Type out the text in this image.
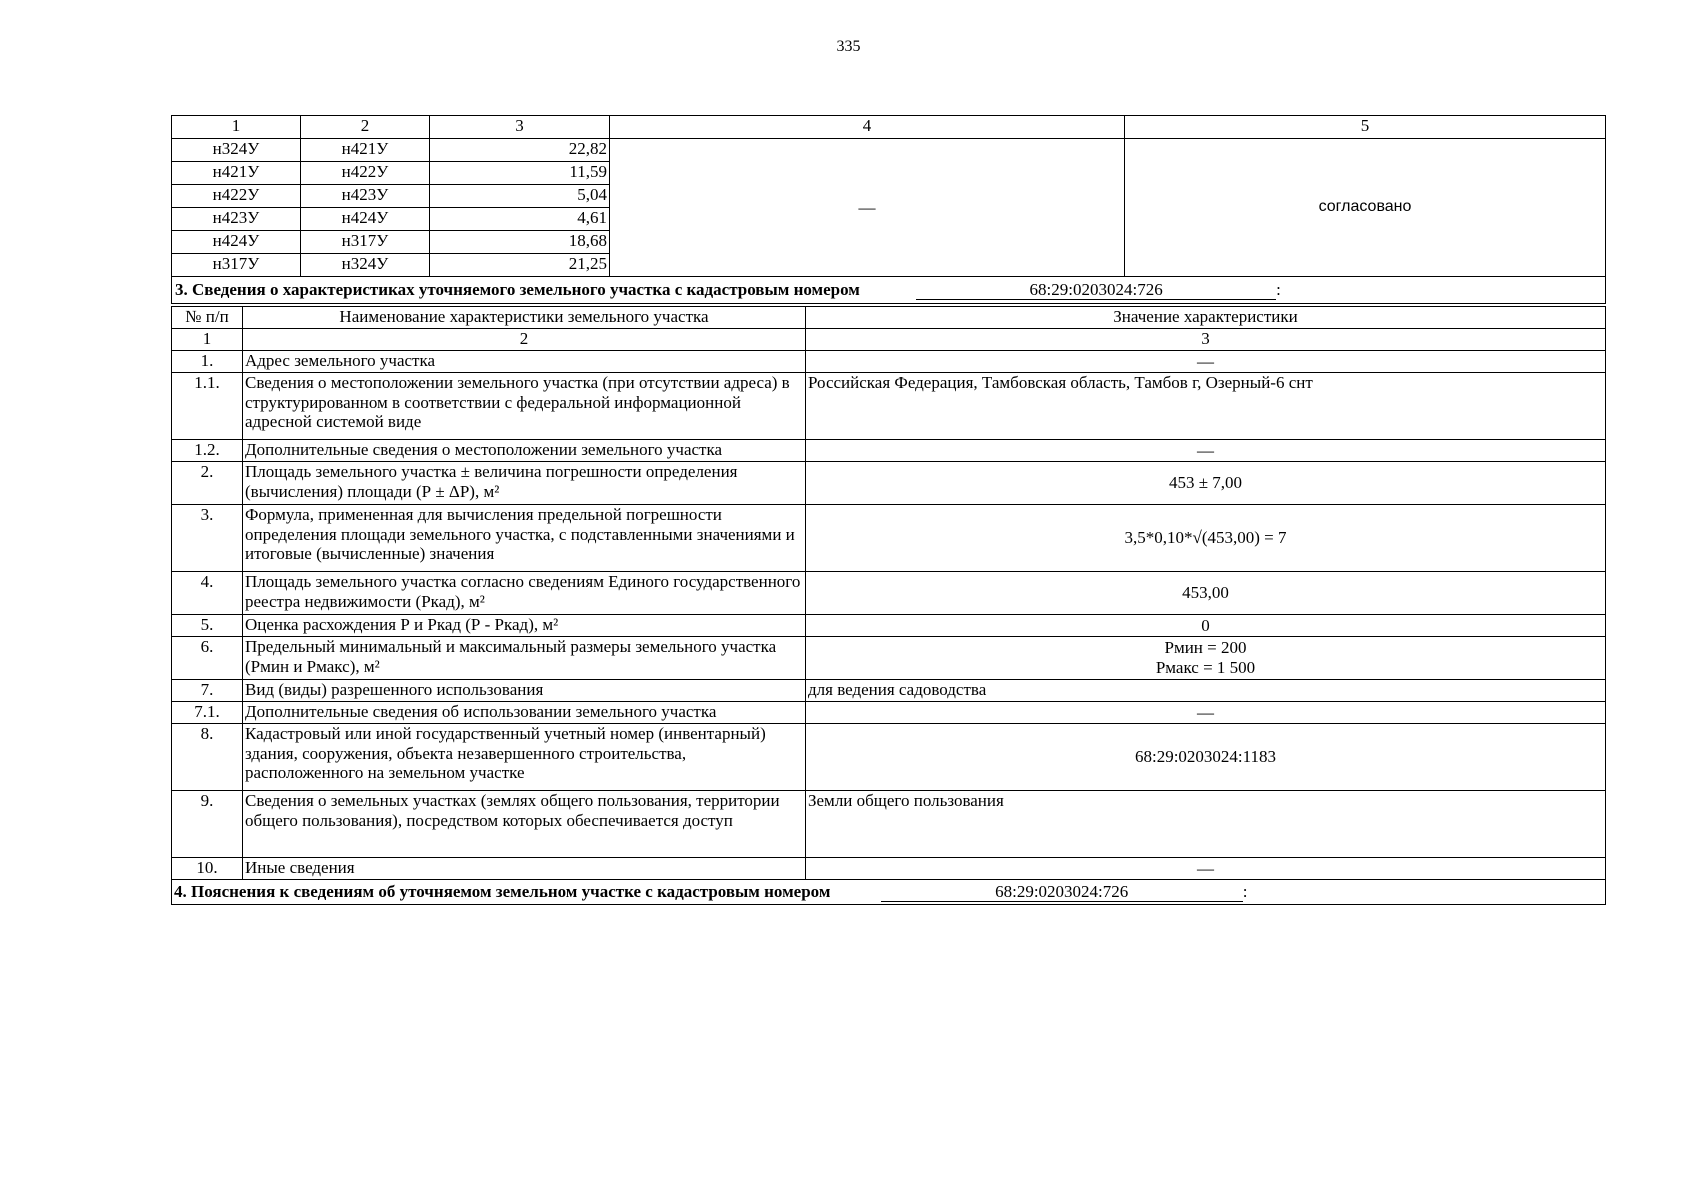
335
1	2	3	4	5
н324У	н421У	22,82	—	согласовано
н421У	н422У	11,59		
н422У	н423У	5,04		
н423У	н424У	4,61		
н424У	н317У	18,68		
н317У	н324У	21,25		
3. Сведения о характеристиках уточняемого земельного участка с кадастровым номером 68:29:0203024:726 :				
№ п/п	Наименование характеристики земельного участка	Значение характеристики
1	2	3
1.	Адрес земельного участка	—
1.1.	Сведения о местоположении земельного участка (при отсутствии адреса) в структурированном в соответствии с федеральной информационной адресной системой виде	Российская Федерация, Тамбовская область, Тамбов г, Озерный-6 снт
1.2.	Дополнительные сведения о местоположении земельного участка	—
2.	Площадь земельного участка ± величина погрешности определения (вычисления) площади (Р ± ΔР), м²	453 ± 7,00
3.	Формула, примененная для вычисления предельной погрешности определения площади земельного участка, с подставленными значениями и итоговые (вычисленные) значения	3,5*0,10*√(453,00) = 7
4.	Площадь земельного участка согласно сведениям Единого государственного реестра недвижимости (Ркад), м²	453,00
5.	Оценка расхождения Р и Ркад (Р - Ркад), м²	0
6.	Предельный минимальный и максимальный размеры земельного участка (Рмин и Рмакс), м²	Рмин = 200
Рмакс = 1 500

7.	Вид (виды) разрешенного использования	для ведения садоводства
7.1.	Дополнительные сведения об использовании земельного участка	—
8.	Кадастровый или иной государственный учетный номер (инвентарный) здания, сооружения, объекта незавершенного строительства, расположенного на земельном участке	68:29:0203024:1183
9.	Сведения о земельных участках (землях общего пользования, территории общего пользования), посредством которых обеспечивается доступ	Земли общего пользования
10.	Иные сведения	—
4. Пояснения к сведениям об уточняемом земельном участке с кадастровым номером 68:29:0203024:726 :		
